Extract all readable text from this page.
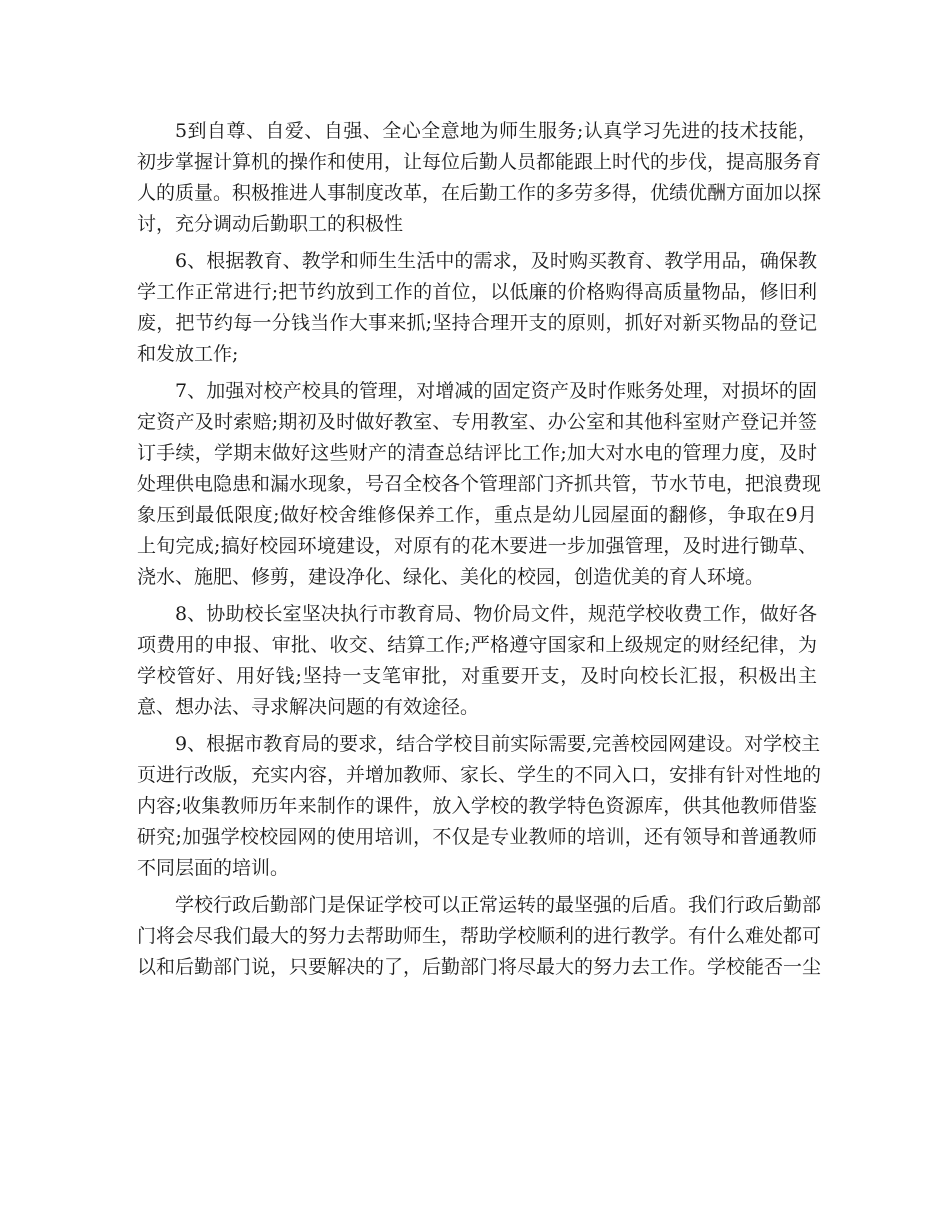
5到自尊、自爱、自强、全心全意地为师生服务;认真学习先进的技术技能，
初步掌握计算机的操作和使用，让每位后勤人员都能跟上时代的步伐，提高服务育
人的质量。积极推进人事制度改革，在后勤工作的多劳多得，优绩优酬方面加以探
讨，充分调动后勤职工的积极性
6、根据教育、教学和师生生活中的需求，及时购买教育、教学用品，确保教
学工作正常进行;把节约放到工作的首位，以低廉的价格购得高质量物品，修旧利
废，把节约每一分钱当作大事来抓;坚持合理开支的原则，抓好对新买物品的登记
和发放工作;
7、加强对校产校具的管理，对增减的固定资产及时作账务处理，对损坏的固
定资产及时索赔;期初及时做好教室、专用教室、办公室和其他科室财产登记并签
订手续，学期末做好这些财产的清查总结评比工作;加大对水电的管理力度，及时
处理供电隐患和漏水现象，号召全校各个管理部门齐抓共管，节水节电，把浪费现
象压到最低限度;做好校舍维修保养工作，重点是幼儿园屋面的翻修，争取在9月
上旬完成;搞好校园环境建设，对原有的花木要进一步加强管理，及时进行锄草、
浇水、施肥、修剪，建设净化、绿化、美化的校园，创造优美的育人环境。
8、协助校长室坚决执行市教育局、物价局文件，规范学校收费工作，做好各
项费用的申报、审批、收交、结算工作;严格遵守国家和上级规定的财经纪律，为
学校管好、用好钱;坚持一支笔审批，对重要开支，及时向校长汇报，积极出主
意、想办法、寻求解决问题的有效途径。
9、根据市教育局的要求，结合学校目前实际需要,完善校园网建设。对学校主
页进行改版，充实内容，并增加教师、家长、学生的不同入口，安排有针对性地的
内容;收集教师历年来制作的课件，放入学校的教学特色资源库，供其他教师借鉴
研究;加强学校校园网的使用培训，不仅是专业教师的培训，还有领导和普通教师
不同层面的培训。
学校行政后勤部门是保证学校可以正常运转的最坚强的后盾。我们行政后勤部
门将会尽我们最大的努力去帮助师生，帮助学校顺利的进行教学。有什么难处都可
以和后勤部门说，只要解决的了，后勤部门将尽最大的努力去工作。学校能否一尘
